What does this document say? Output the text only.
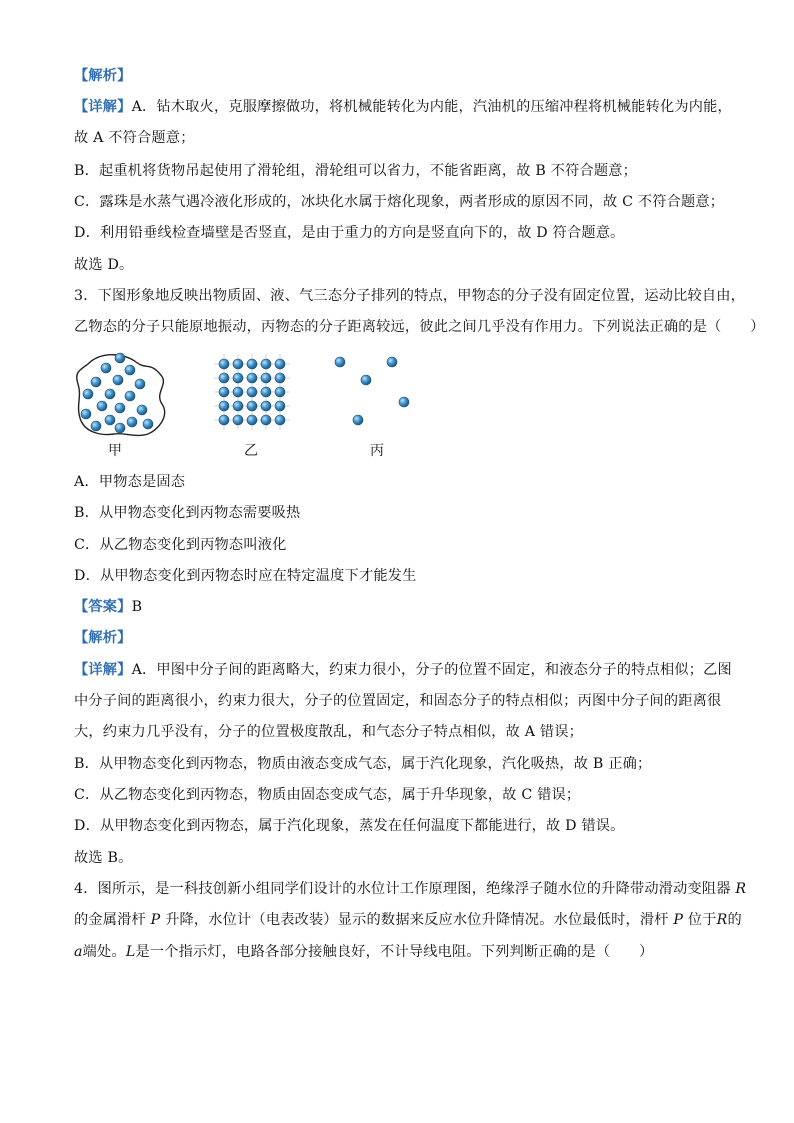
【解析】
【详解】A．钻木取火，克服摩擦做功，将机械能转化为内能，汽油机的压缩冲程将机械能转化为内能，
故 A 不符合题意；
B．起重机将货物吊起使用了滑轮组，滑轮组可以省力，不能省距离，故 B 不符合题意；
C．露珠是水蒸气遇冷液化形成的，冰块化水属于熔化现象，两者形成的原因不同，故 C 不符合题意；
D．利用铅垂线检查墙壁是否竖直，是由于重力的方向是竖直向下的，故 D 符合题意。
故选 D。
3．下图形象地反映出物质固、液、气三态分子排列的特点，甲物态的分子没有固定位置，运动比较自由，
乙物态的分子只能原地振动，丙物态的分子距离较远，彼此之间几乎没有作用力。下列说法正确的是（　　）
甲	乙	丙
A．甲物态是固态
B．从甲物态变化到丙物态需要吸热
C．从乙物态变化到丙物态叫液化
D．从甲物态变化到丙物态时应在特定温度下才能发生
【答案】B
【解析】
【详解】A．甲图中分子间的距离略大，约束力很小，分子的位置不固定，和液态分子的特点相似；乙图
中分子间的距离很小，约束力很大，分子的位置固定，和固态分子的特点相似；丙图中分子间的距离很
大，约束力几乎没有，分子的位置极度散乱，和气态分子特点相似，故 A 错误；
B．从甲物态变化到丙物态，物质由液态变成气态，属于汽化现象，汽化吸热，故 B 正确；
C．从乙物态变化到丙物态，物质由固态变成气态，属于升华现象，故 C 错误；
D．从甲物态变化到丙物态，属于汽化现象，蒸发在任何温度下都能进行，故 D 错误。
故选 B。
4．图所示，是一科技创新小组同学们设计的水位计工作原理图，绝缘浮子随水位的升降带动滑动变阻器 R
的金属滑杆 P 升降，水位计（电表改装）显示的数据来反应水位升降情况。水位最低时，滑杆 P 位于R的
a端处。L是一个指示灯，电路各部分接触良好，不计导线电阻。下列判断正确的是（　　）
